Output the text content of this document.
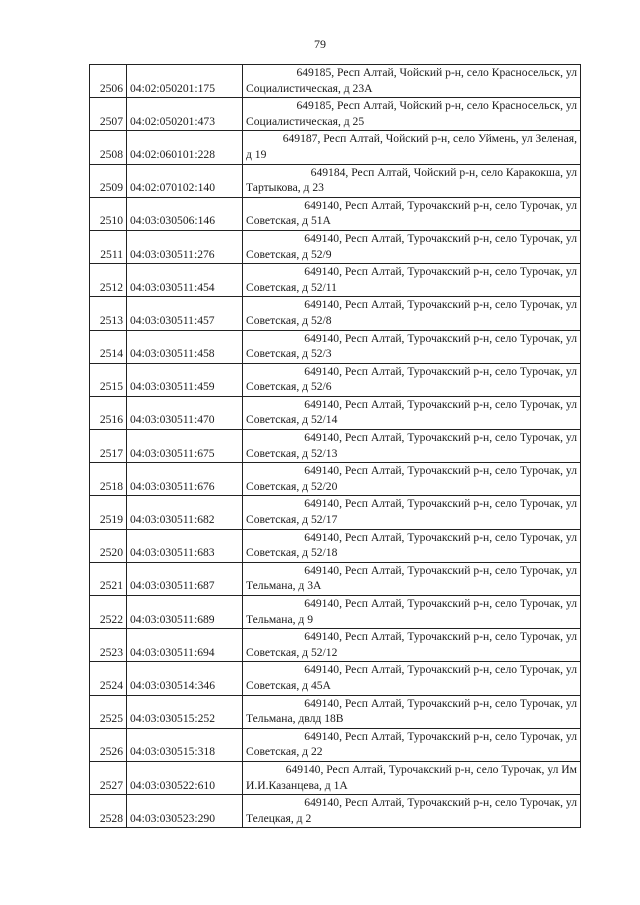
79
2506	04:02:050201:175	649185, Респ Алтай, Чойский р-н, село Красносельск, ул
Социалистическая, д 23А

2507	04:02:050201:473	649185, Респ Алтай, Чойский р-н, село Красносельск, ул
Социалистическая, д 25

2508	04:02:060101:228	649187, Респ Алтай, Чойский р-н, село Уймень, ул Зеленая,
д 19

2509	04:02:070102:140	649184, Респ Алтай, Чойский р-н, село Каракокша, ул
Тартыкова, д 23

2510	04:03:030506:146	649140, Респ Алтай, Турочакский р-н, село Турочак, ул
Советская, д 51А

2511	04:03:030511:276	649140, Респ Алтай, Турочакский р-н, село Турочак, ул
Советская, д 52/9

2512	04:03:030511:454	649140, Респ Алтай, Турочакский р-н, село Турочак, ул
Советская, д 52/11

2513	04:03:030511:457	649140, Респ Алтай, Турочакский р-н, село Турочак, ул
Советская, д 52/8

2514	04:03:030511:458	649140, Респ Алтай, Турочакский р-н, село Турочак, ул
Советская, д 52/3

2515	04:03:030511:459	649140, Респ Алтай, Турочакский р-н, село Турочак, ул
Советская, д 52/6

2516	04:03:030511:470	649140, Респ Алтай, Турочакский р-н, село Турочак, ул
Советская, д 52/14

2517	04:03:030511:675	649140, Респ Алтай, Турочакский р-н, село Турочак, ул
Советская, д 52/13

2518	04:03:030511:676	649140, Респ Алтай, Турочакский р-н, село Турочак, ул
Советская, д 52/20

2519	04:03:030511:682	649140, Респ Алтай, Турочакский р-н, село Турочак, ул
Советская, д 52/17

2520	04:03:030511:683	649140, Респ Алтай, Турочакский р-н, село Турочак, ул
Советская, д 52/18

2521	04:03:030511:687	649140, Респ Алтай, Турочакский р-н, село Турочак, ул
Тельмана, д 3А

2522	04:03:030511:689	649140, Респ Алтай, Турочакский р-н, село Турочак, ул
Тельмана, д 9

2523	04:03:030511:694	649140, Респ Алтай, Турочакский р-н, село Турочак, ул
Советская, д 52/12

2524	04:03:030514:346	649140, Респ Алтай, Турочакский р-н, село Турочак, ул
Советская, д 45А

2525	04:03:030515:252	649140, Респ Алтай, Турочакский р-н, село Турочак, ул
Тельмана, двлд 18В

2526	04:03:030515:318	649140, Респ Алтай, Турочакский р-н, село Турочак, ул
Советская, д 22

2527	04:03:030522:610	649140, Респ Алтай, Турочакский р-н, село Турочак, ул Им
И.И.Казанцева, д 1А

2528	04:03:030523:290	649140, Респ Алтай, Турочакский р-н, село Турочак, ул
Телецкая, д 2
